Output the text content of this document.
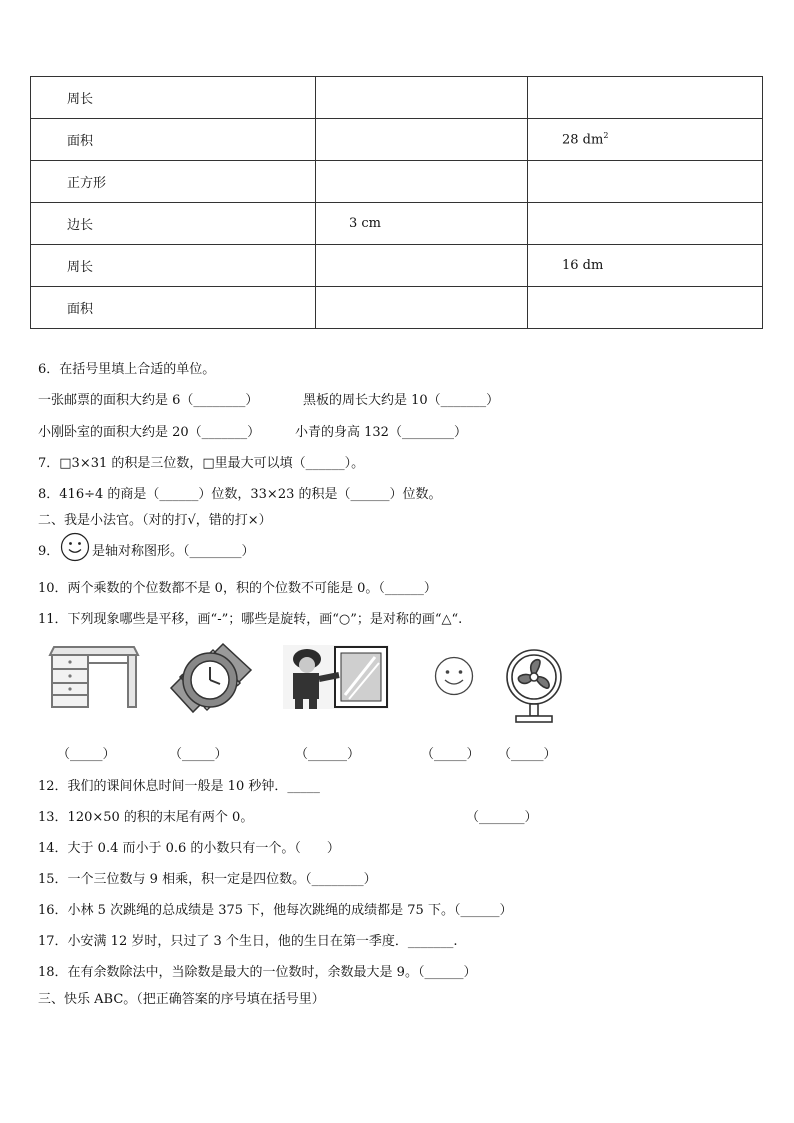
周长		
面积		28 $dm^2$
正方形		
边长	3 cm	
周长		16 dm
面积		
6．在括号里填上合适的单位。
一张邮票的面积大约是 6（________）	黑板的周长大约是 10（_______）
小刚卧室的面积大约是 20（_______）	小青的身高 132（________）
7．□3×31 的积是三位数，□里最大可以填（______）。
8．416÷4 的商是（______）位数，33×23 的积是（______）位数。
二、我是小法官。（对的打√，错的打×）
9．	是轴对称图形。（________）
10．两个乘数的个位数都不是 0，积的个位数不可能是 0。（______）
11．下列现象哪些是平移，画“-”；哪些是旋转，画“○”；是对称的画“△“.
（_____）	（_____）	（______）	（_____） （_____）
12．我们的课间休息时间一般是 10 秒钟．_____
13．120×50 的积的末尾有两个 0。	（_______）
14．大于 0.4 而小于 0.6 的小数只有一个。（　　）
15．一个三位数与 9 相乘，积一定是四位数。（________）
16．小林 5 次跳绳的总成绩是 375 下，他每次跳绳的成绩都是 75 下。（______）
17．小安满 12 岁时，只过了 3 个生日，他的生日在第一季度．_______.
18．在有余数除法中，当除数是最大的一位数时，余数最大是 9。（______）
三、快乐 ABC。（把正确答案的序号填在括号里）
